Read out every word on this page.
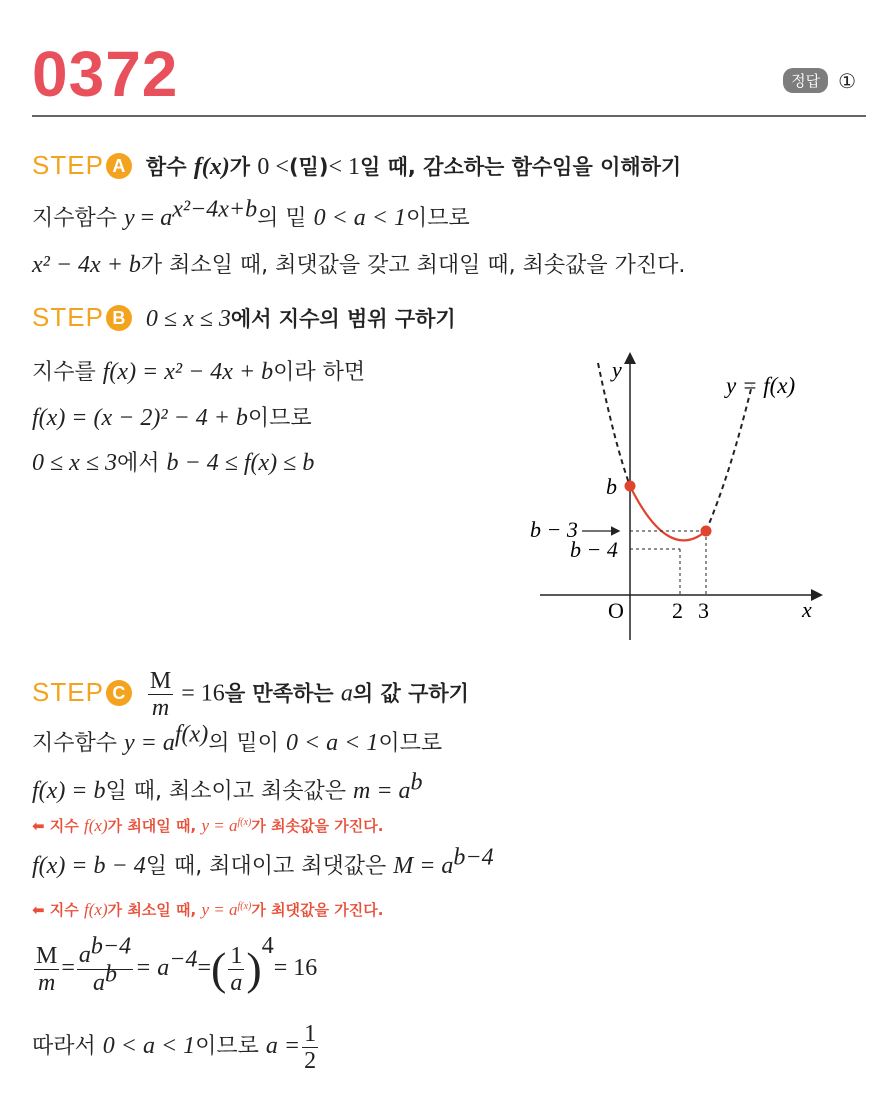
0372	정답 ①
STEP A 함수 f(x)가 0 <(밑)< 1일 때, 감소하는 함수임을 이해하기
지수함수 $y = a^{x^2-4x+b}$의 밑 0 < a < 1이므로
x² − 4x + b가 최소일 때, 최댓값을 갖고 최대일 때, 최솟값을 가진다.
STEP B 0 ≤ x ≤ 3에서 지수의 범위 구하기
지수를 f(x) = x² − 4x + b이라 하면
f(x) = (x − 2)² − 4 + b이므로
0 ≤ x ≤ 3에서 b − 4 ≤ f(x) ≤ b
y
x
O
y = f(x)
b
b − 3
b − 4
2 3
STEP C $\frac{M}{m} = 16$을 만족하는 a의 값 구하기
지수함수 $y = a^{f(x)}$의 밑이 0 < a < 1이므로
f(x) = b일 때, 최소이고 최솟값은 $m = a^b$
⬅ 지수 f(x)가 최대일 때, $y = a^{f(x)}$가 최솟값을 가진다.
f(x) = b − 4일 때, 최대이고 최댓값은 $M = a^{b-4}$
⬅ 지수 f(x)가 최소일 때, $y = a^{f(x)}$가 최댓값을 가진다.
$\frac{M}{m} = \frac{a^{b-4}}{a^b} = a^{-4}=( \frac{1}{a} )^4= 16$
따라서 0 < a < 1이므로 $a = \frac{1}{2}$
